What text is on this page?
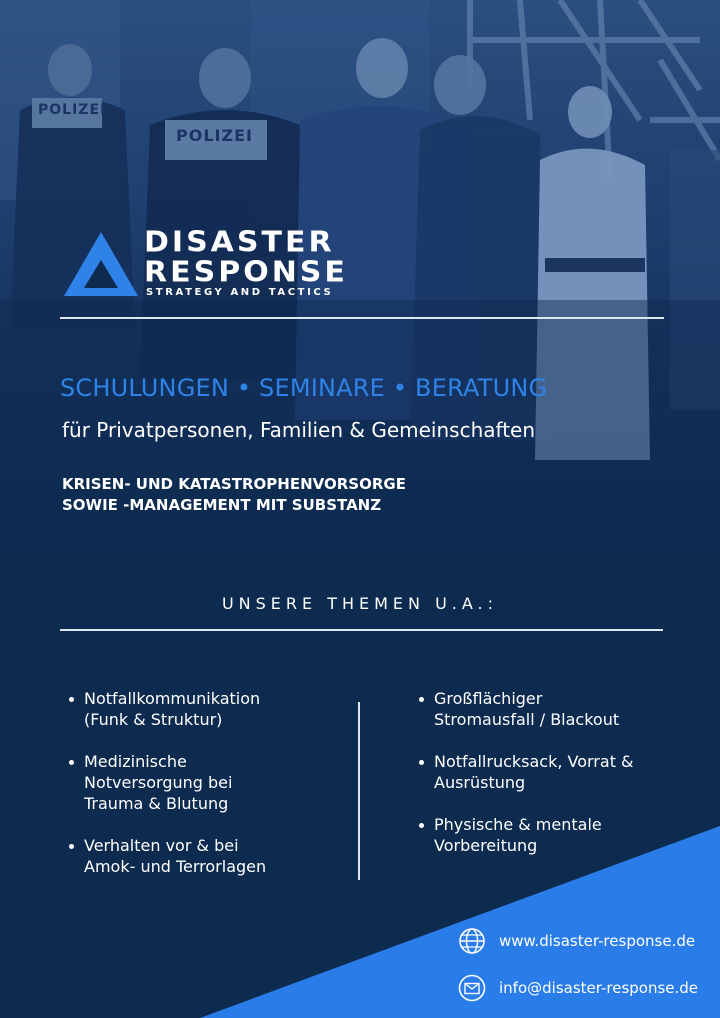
POLIZEI
POLIZEI
DISASTER
RESPONSE
STRATEGY AND TACTICS
SCHULUNGEN • SEMINARE • BERATUNG
für Privatpersonen, Familien & Gemeinschaften
KRISEN- UND KATASTROPHENVORSORGE
SOWIE -MANAGEMENT MIT SUBSTANZ
UNSERE THEMEN U.A.:
Notfallkommunikation
(Funk & Struktur)
Medizinische
Notversorgung bei
Trauma & Blutung
Verhalten vor & bei
Amok- und Terrorlagen
Großflächiger
Stromausfall / Blackout
Notfallrucksack, Vorrat &
Ausrüstung
Physische & mentale
Vorbereitung
www.disaster-response.de
info@disaster-response.de
